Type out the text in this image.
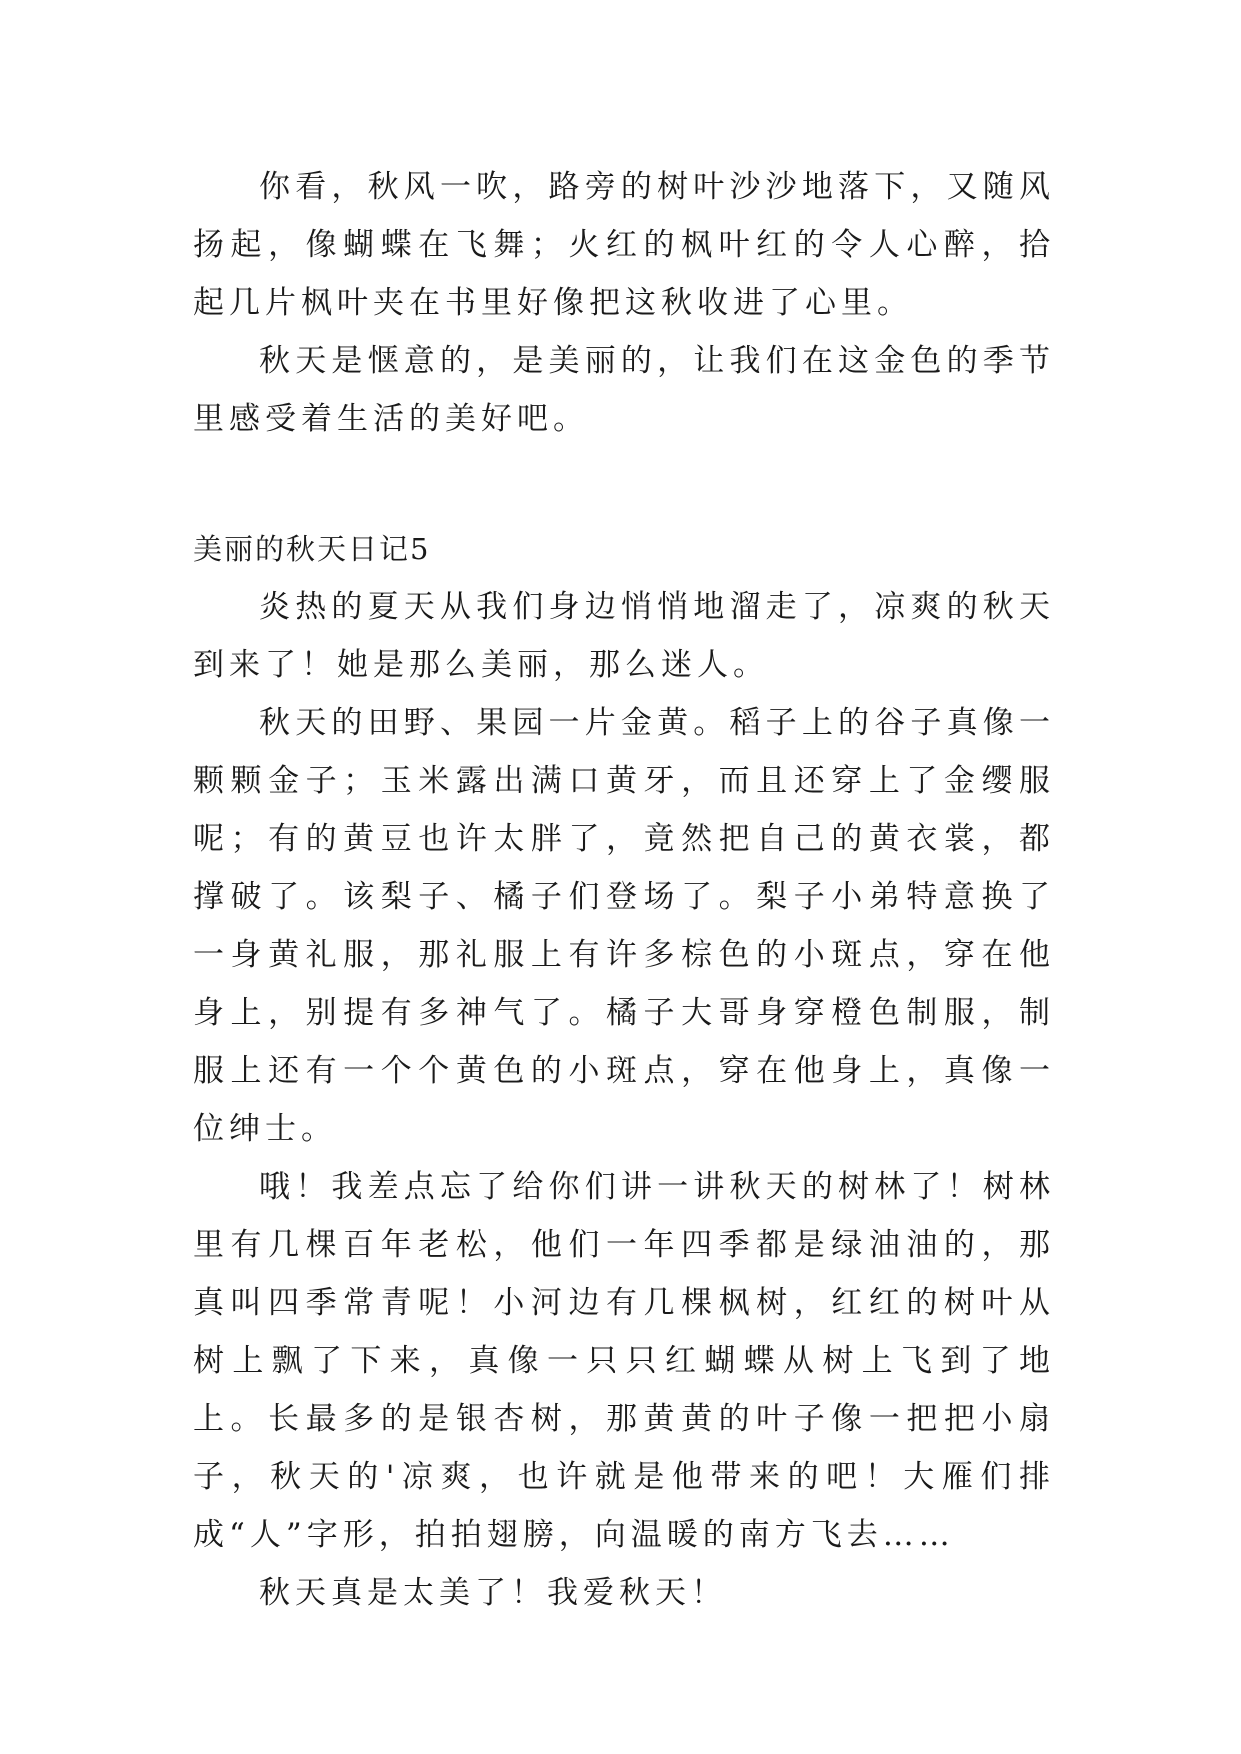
你看，秋风一吹，路旁的树叶沙沙地落下，又随风扬起，像蝴蝶在飞舞；火红的枫叶红的令人心醉，拾起几片枫叶夹在书里好像把这秋收进了心里。

秋天是惬意的，是美丽的，让我们在这金色的季节里感受着生活的美好吧。

美丽的秋天日记5

炎热的夏天从我们身边悄悄地溜走了，凉爽的秋天到来了！她是那么美丽，那么迷人。

秋天的田野、果园一片金黄。稻子上的谷子真像一颗颗金子；玉米露出满口黄牙，而且还穿上了金缨服呢；有的黄豆也许太胖了，竟然把自己的黄衣裳，都撑破了。该梨子、橘子们登场了。梨子小弟特意换了一身黄礼服，那礼服上有许多棕色的小斑点，穿在他身上，别提有多神气了。橘子大哥身穿橙色制服，制服上还有一个个黄色的小斑点，穿在他身上，真像一位绅士。

哦！我差点忘了给你们讲一讲秋天的树林了！树林里有几棵百年老松，他们一年四季都是绿油油的，那真叫四季常青呢！小河边有几棵枫树，红红的树叶从树上飘了下来，真像一只只红蝴蝶从树上飞到了地上。长最多的是银杏树，那黄黄的叶子像一把把小扇子，秋天的'凉爽，也许就是他带来的吧！大雁们排成“人”字形，拍拍翅膀，向温暖的南方飞去……

秋天真是太美了！我爱秋天！
